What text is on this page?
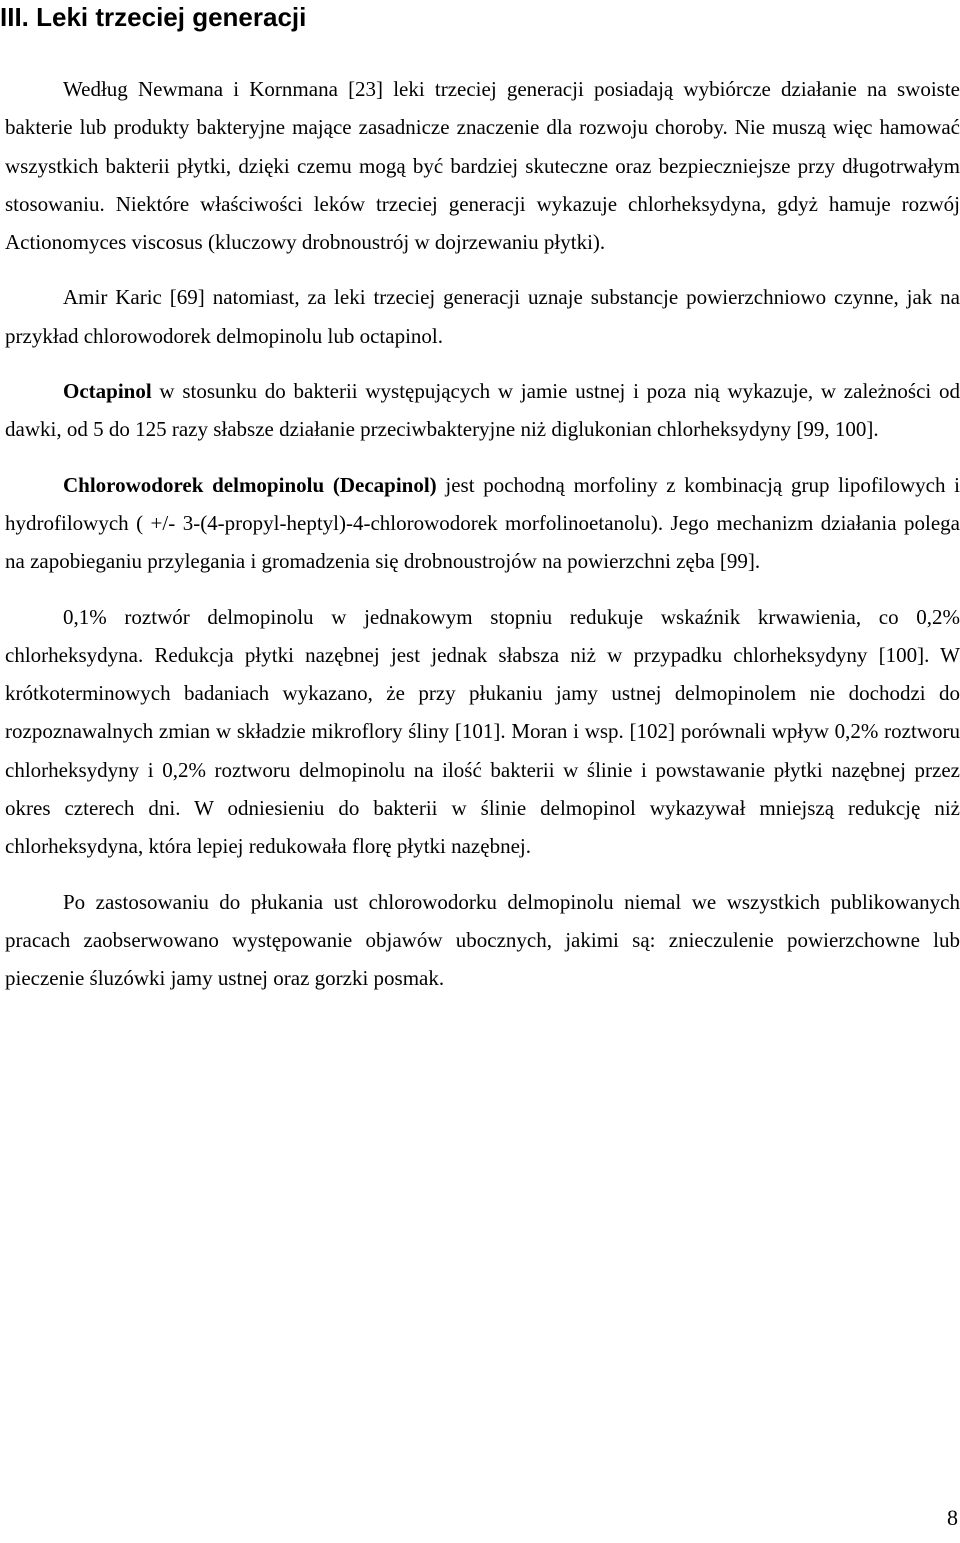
III. Leki trzeciej generacji

Według Newmana i Kornmana [23] leki trzeciej generacji posiadają wybiórcze działanie na swoiste bakterie lub produkty bakteryjne mające zasadnicze znaczenie dla rozwoju choroby. Nie muszą więc hamować wszystkich bakterii płytki, dzięki czemu mogą być bardziej skuteczne oraz bezpieczniejsze przy długotrwałym stosowaniu. Niektóre właściwości leków trzeciej generacji wykazuje chlorheksydyna, gdyż hamuje rozwój Actionomyces viscosus (kluczowy drobnoustrój w dojrzewaniu płytki).

Amir Karic [69] natomiast, za leki trzeciej generacji uznaje substancje powierzchniowo czynne, jak na przykład chlorowodorek delmopinolu lub octapinol.

Octapinol w stosunku do bakterii występujących w jamie ustnej i poza nią wykazuje, w zależności od dawki, od 5 do 125 razy słabsze działanie przeciwbakteryjne niż diglukonian chlorheksydyny [99, 100].

Chlorowodorek delmopinolu (Decapinol) jest pochodną morfoliny z kombinacją grup lipofilowych i hydrofilowych ( +/- 3-(4-propyl-heptyl)-4-chlorowodorek morfolinoetanolu). Jego mechanizm działania polega na zapobieganiu przylegania i gromadzenia się drobnoustrojów na powierzchni zęba [99].

0,1% roztwór delmopinolu w jednakowym stopniu redukuje wskaźnik krwawienia, co 0,2% chlorheksydyna. Redukcja płytki nazębnej jest jednak słabsza niż w przypadku chlorheksydyny [100]. W krótkoterminowych badaniach wykazano, że przy płukaniu jamy ustnej delmopinolem nie dochodzi do rozpoznawalnych zmian w składzie mikroflory śliny [101]. Moran i wsp. [102] porównali wpływ 0,2% roztworu chlorheksydyny i 0,2% roztworu delmopinolu na ilość bakterii w ślinie i powstawanie płytki nazębnej przez okres czterech dni. W odniesieniu do bakterii w ślinie delmopinol wykazywał mniejszą redukcję niż chlorheksydyna, która lepiej redukowała florę płytki nazębnej.

Po zastosowaniu do płukania ust chlorowodorku delmopinolu niemal we wszystkich publikowanych pracach zaobserwowano występowanie objawów ubocznych, jakimi są: znieczulenie powierzchowne lub pieczenie śluzówki jamy ustnej oraz gorzki posmak.

8
